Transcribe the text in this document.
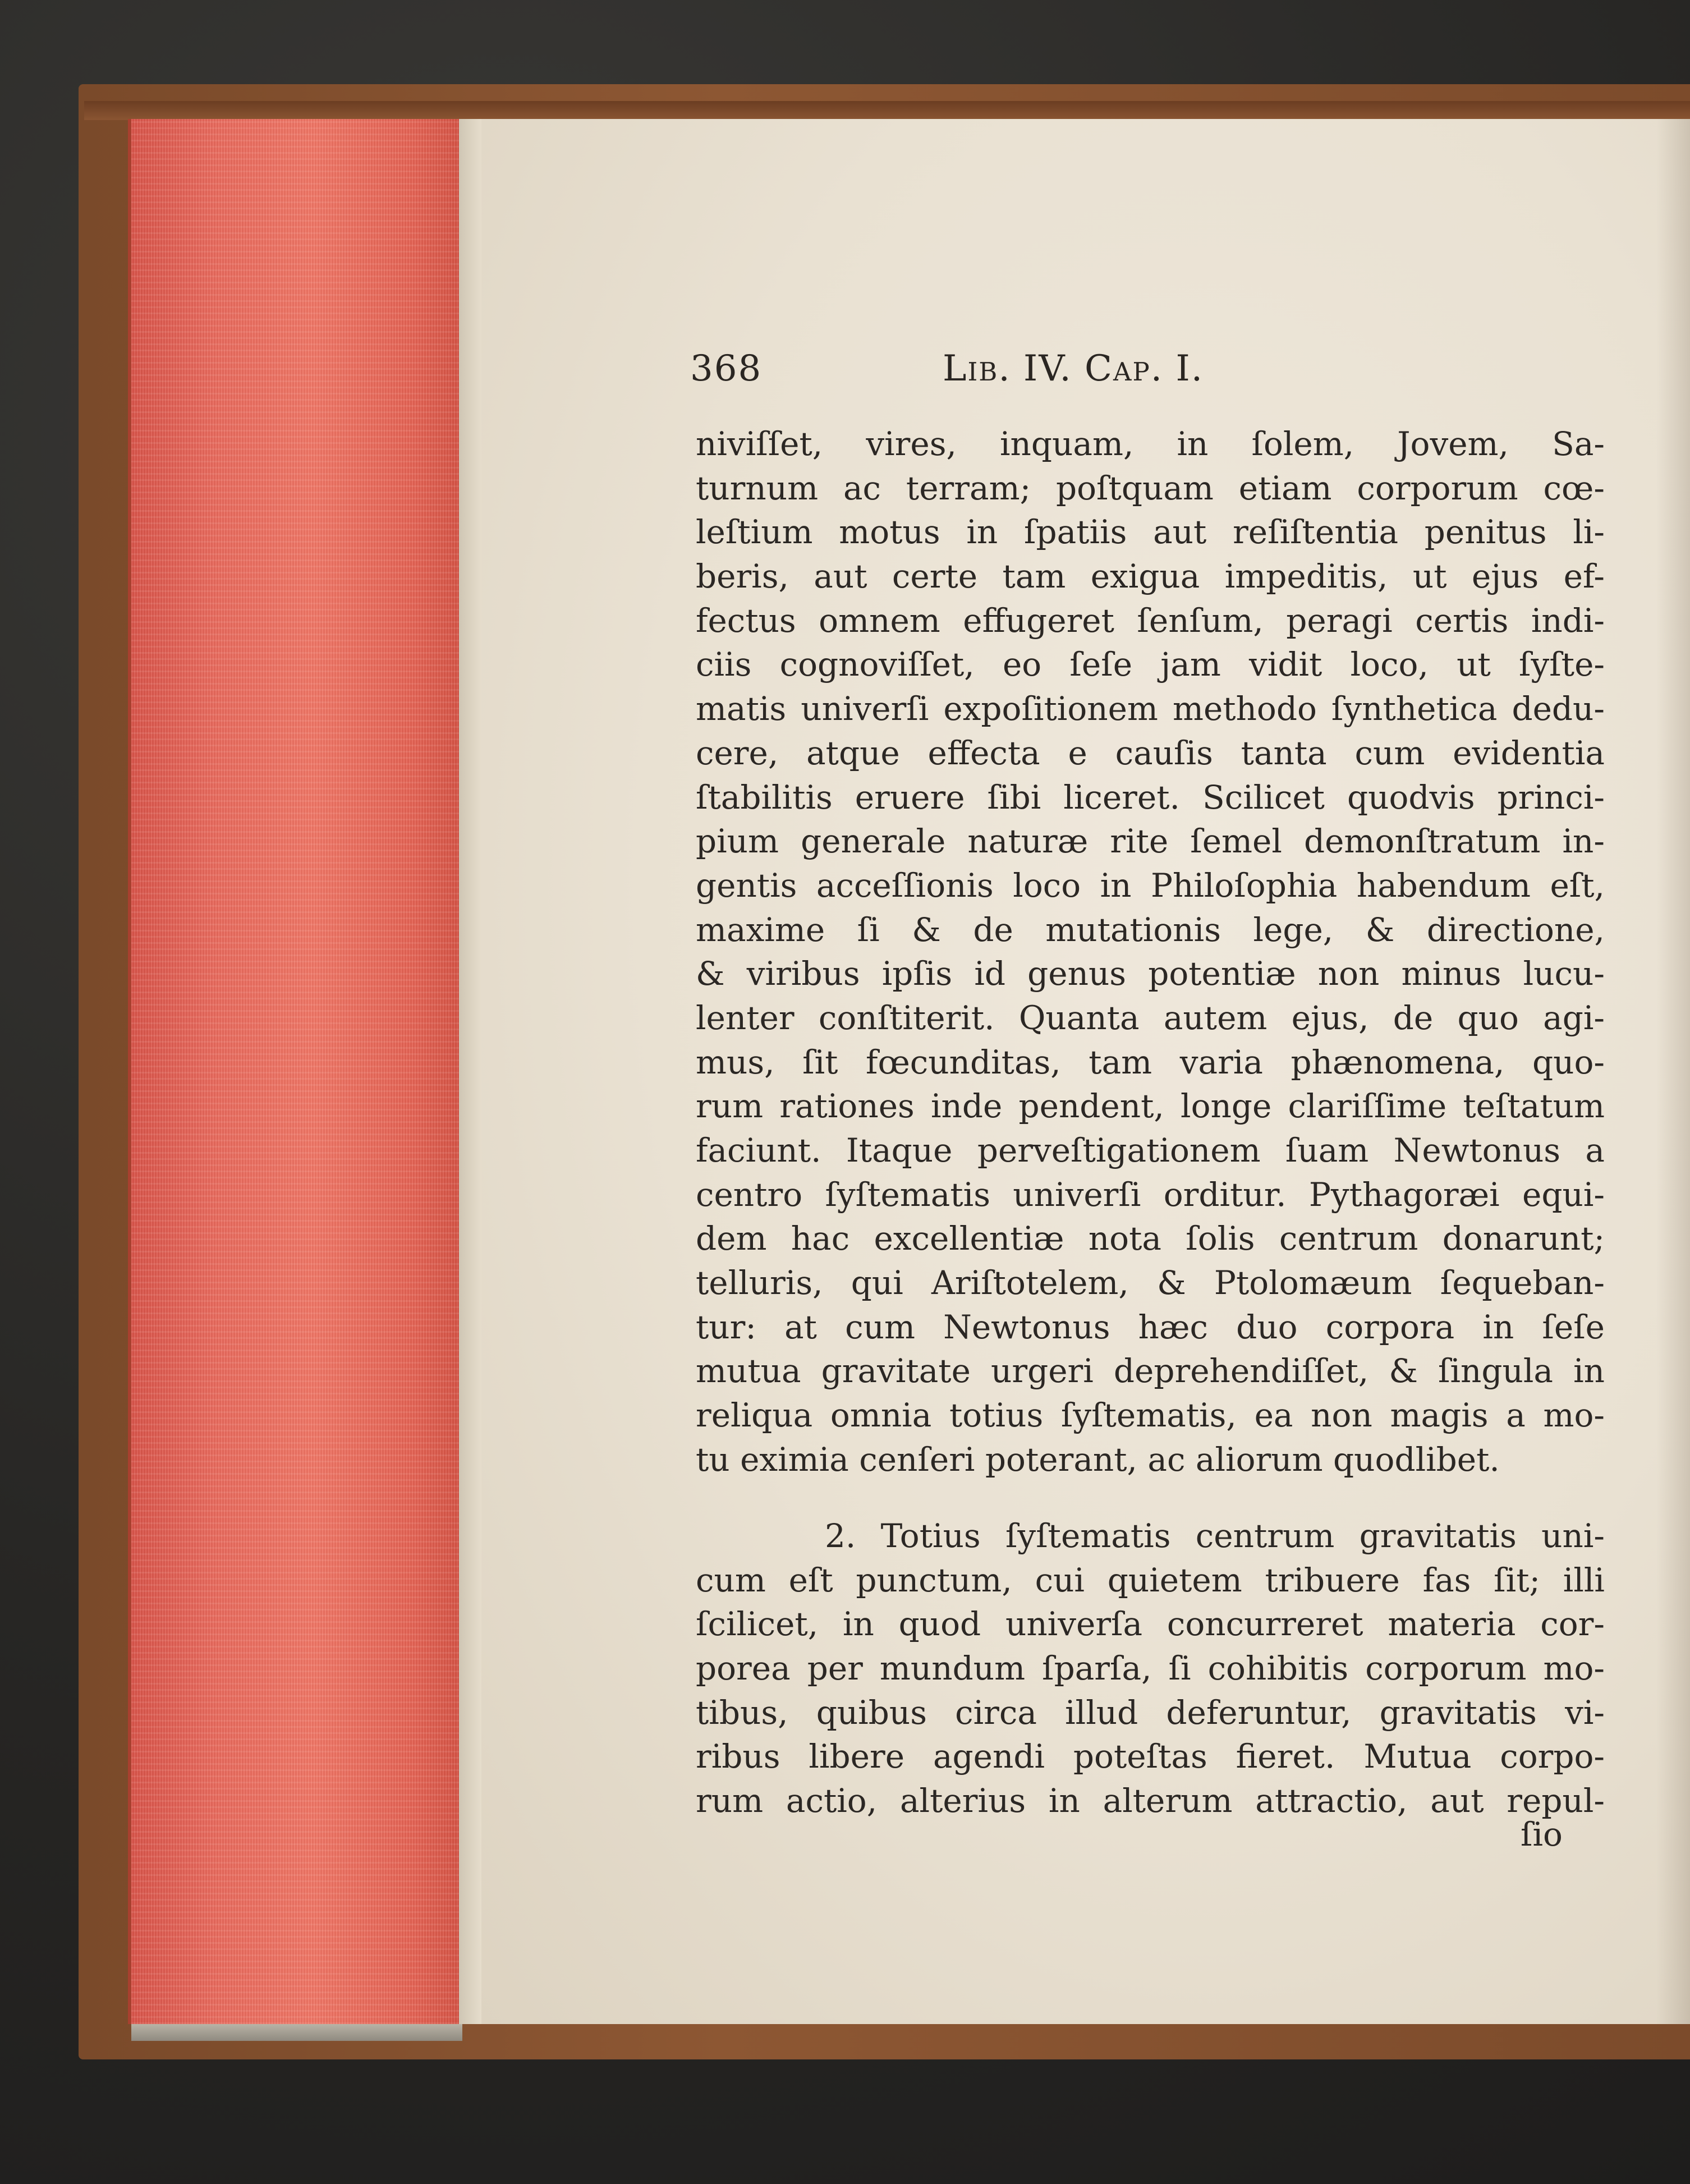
368	Lib. IV. Cap. I.
niviſſet, vires, inquam, in ſolem, Jovem, Sa-
turnum ac terram; poſtquam etiam corporum cœ-
leſtium motus in ſpatiis aut reſiſtentia penitus li-
beris, aut certe tam exigua impeditis, ut ejus ef-
fectus omnem effugeret ſenſum, peragi certis indi-
ciis cognoviſſet, eo ſeſe jam vidit loco, ut ſyſte-
matis univerſi expoſitionem methodo ſynthetica dedu-
cere, atque effecta e cauſis tanta cum evidentia
ſtabilitis eruere ſibi liceret. Scilicet quodvis princi-
pium generale naturæ rite ſemel demonſtratum in-
gentis acceſſionis loco in Philoſophia habendum eſt,
maxime ſi & de mutationis lege, & directione,
& viribus ipſis id genus potentiæ non minus lucu-
lenter conſtiterit. Quanta autem ejus, de quo agi-
mus, ſit fœcunditas, tam varia phænomena, quo-
rum rationes inde pendent, longe clariſſime teſtatum
faciunt. Itaque perveſtigationem ſuam Newtonus a
centro ſyſtematis univerſi orditur. Pythagoræi equi-
dem hac excellentiæ nota ſolis centrum donarunt;
telluris, qui Ariſtotelem, & Ptolomæum ſequeban-
tur: at cum Newtonus hæc duo corpora in ſeſe
mutua gravitate urgeri deprehendiſſet, & ſingula in
reliqua omnia totius ſyſtematis, ea non magis a mo-
tu eximia cenſeri poterant, ac aliorum quodlibet.
2. Totius ſyſtematis centrum gravitatis uni-
cum eſt punctum, cui quietem tribuere fas ſit; illi
ſcilicet, in quod univerſa concurreret materia cor-
porea per mundum ſparſa, ſi cohibitis corporum mo-
tibus, quibus circa illud deferuntur, gravitatis vi-
ribus libere agendi poteſtas fieret. Mutua corpo-
rum actio, alterius in alterum attractio, aut repul-
ſio
